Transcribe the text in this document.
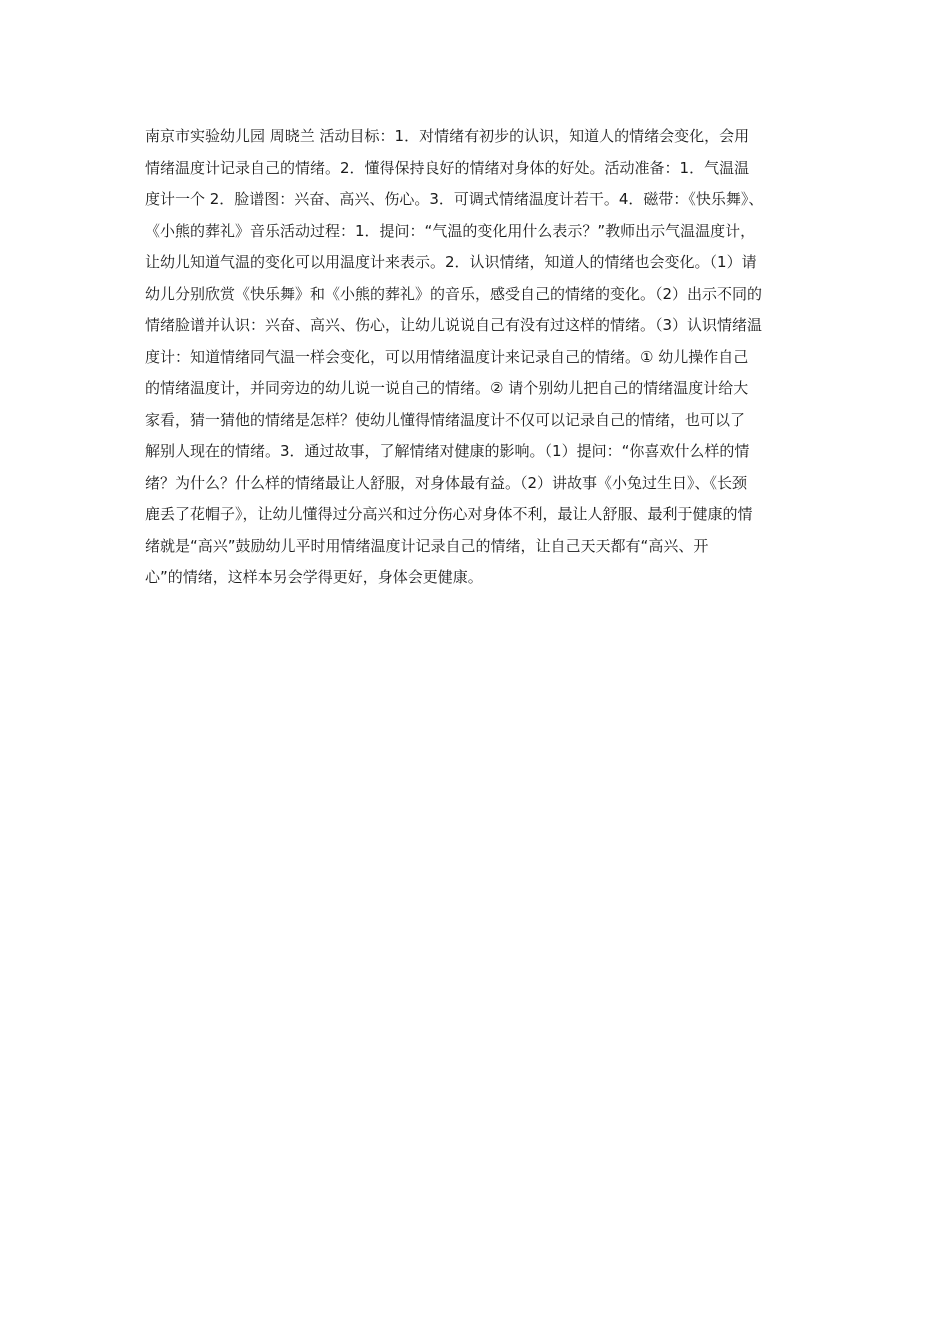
南京市实验幼儿园 周晓兰 活动目标：1．对情绪有初步的认识，知道人的情绪会变化，会用
情绪温度计记录自己的情绪。2．懂得保持良好的情绪对身体的好处。活动准备：1．气温温
度计一个 2．脸谱图：兴奋、高兴、伤心。3．可调式情绪温度计若干。4．磁带：《快乐舞》、
《小熊的葬礼》音乐活动过程：1．提问：“气温的变化用什么表示？”教师出示气温温度计，
让幼儿知道气温的变化可以用温度计来表示。2．认识情绪，知道人的情绪也会变化。（1）请
幼儿分别欣赏《快乐舞》和《小熊的葬礼》的音乐，感受自己的情绪的变化。（2）出示不同的
情绪脸谱并认识：兴奋、高兴、伤心，让幼儿说说自己有没有过这样的情绪。（3）认识情绪温
度计：知道情绪同气温一样会变化，可以用情绪温度计来记录自己的情绪。① 幼儿操作自己
的情绪温度计，并同旁边的幼儿说一说自己的情绪。② 请个别幼儿把自己的情绪温度计给大
家看，猜一猜他的情绪是怎样？使幼儿懂得情绪温度计不仅可以记录自己的情绪，也可以了
解别人现在的情绪。3．通过故事，了解情绪对健康的影响。（1）提问：“你喜欢什么样的情
绪？为什么？什么样的情绪最让人舒服，对身体最有益。（2）讲故事《小兔过生日》、《长颈
鹿丢了花帽子》，让幼儿懂得过分高兴和过分伤心对身体不利，最让人舒服、最利于健康的情
绪就是“高兴”鼓励幼儿平时用情绪温度计记录自己的情绪，让自己天天都有“高兴、开
心”的情绪，这样本另会学得更好，身体会更健康。
